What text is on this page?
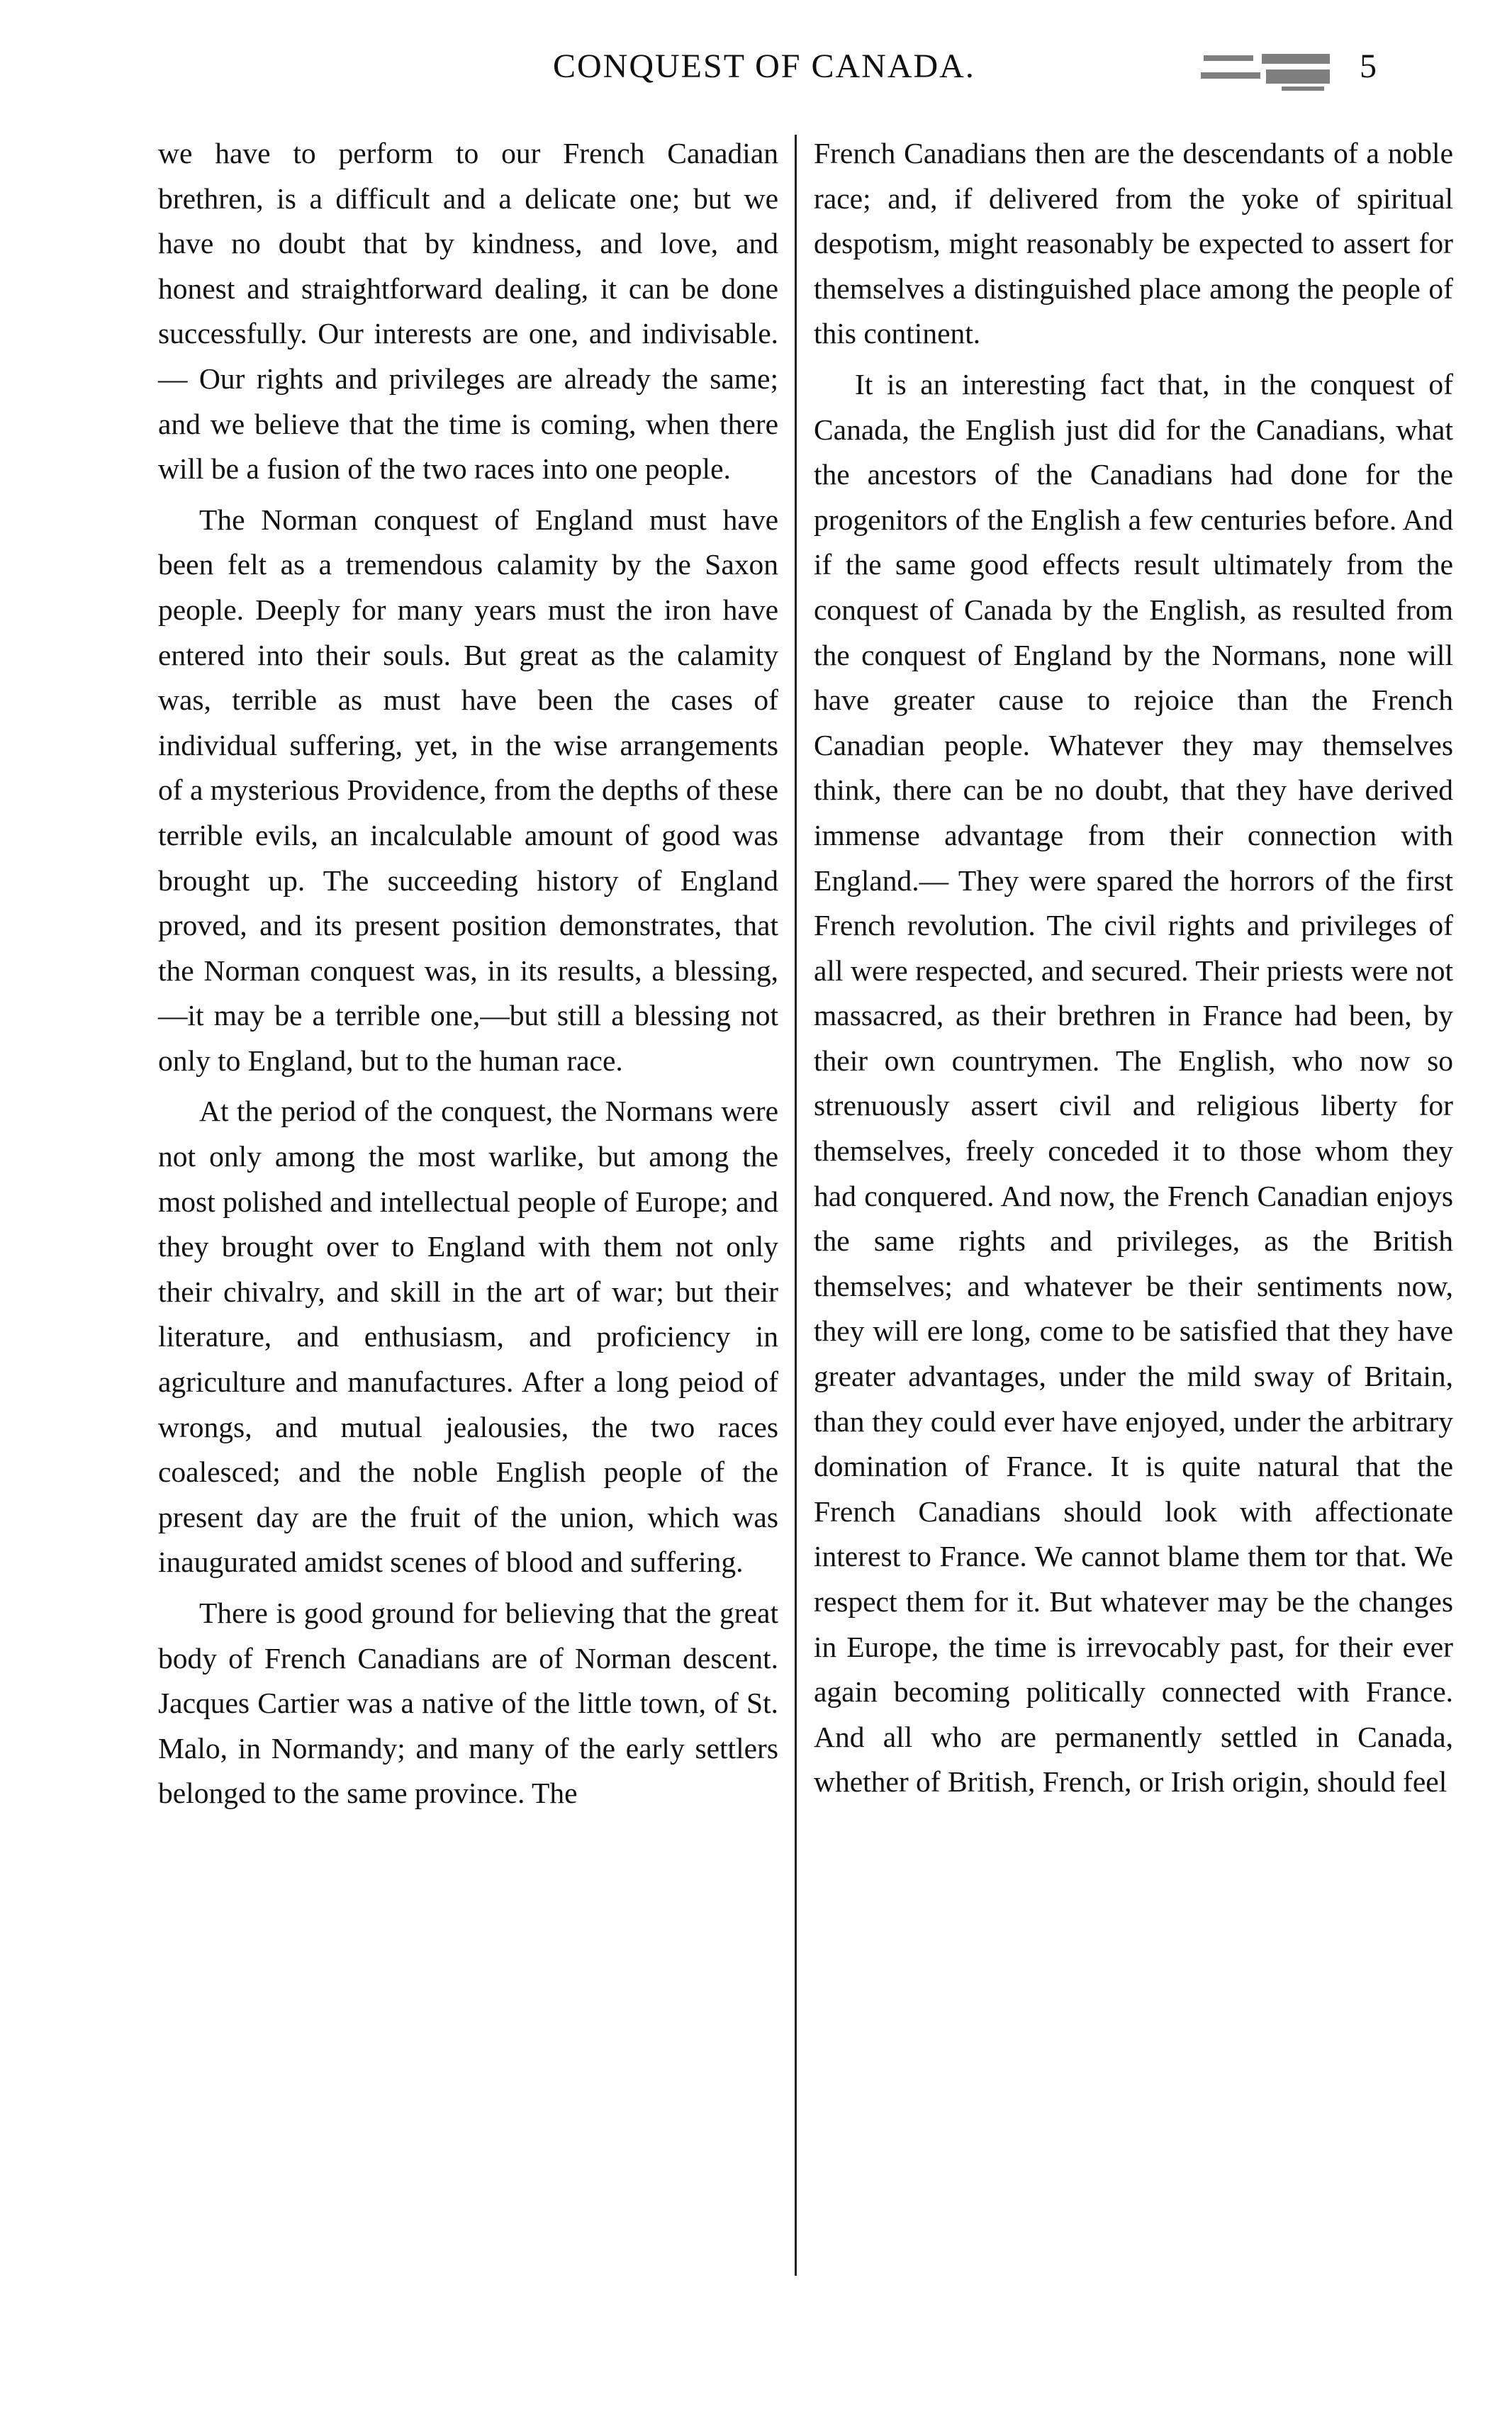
CONQUEST OF CANADA.	5

we have to perform to our French Canadian brethren, is a difficult and a delicate one; but we have no doubt that by kindness, and love, and honest and straightforward dealing, it can be done successfully. Our interests are one, and indivisable.— Our rights and privileges are already the same; and we believe that the time is coming, when there will be a fusion of the two races into one people.

The Norman conquest of England must have been felt as a tremendous calamity by the Saxon people. Deeply for many years must the iron have entered into their souls. But great as the calamity was, terrible as must have been the cases of individual suffering, yet, in the wise arrangements of a mysterious Providence, from the depths of these terrible evils, an incalculable amount of good was brought up. The succeeding history of England proved, and its present position demonstrates, that the Norman conquest was, in its results, a blessing,—it may be a terrible one,—but still a blessing not only to England, but to the human race.

At the period of the conquest, the Normans were not only among the most warlike, but among the most polished and intellectual people of Europe; and they brought over to England with them not only their chivalry, and skill in the art of war; but their literature, and enthusiasm, and proficiency in agriculture and manufactures. After a long peiod of wrongs, and mutual jealousies, the two races coalesced; and the noble English people of the present day are the fruit of the union, which was inaugurated amidst scenes of blood and suffering.

There is good ground for believing that the great body of French Canadians are of Norman descent. Jacques Cartier was a native of the little town, of St. Malo, in Normandy; and many of the early settlers belonged to the same province. The

French Canadians then are the descendants of a noble race; and, if delivered from the yoke of spiritual despotism, might reasonably be expected to assert for themselves a distinguished place among the people of this continent.

It is an interesting fact that, in the conquest of Canada, the English just did for the Canadians, what the ancestors of the Canadians had done for the progenitors of the English a few centuries before. And if the same good effects result ultimately from the conquest of Canada by the English, as resulted from the conquest of England by the Normans, none will have greater cause to rejoice than the French Canadian people. Whatever they may themselves think, there can be no doubt, that they have derived immense advantage from their connection with England.— They were spared the horrors of the first French revolution. The civil rights and privileges of all were respected, and secured. Their priests were not massacred, as their brethren in France had been, by their own countrymen. The English, who now so strenuously assert civil and religious liberty for themselves, freely conceded it to those whom they had conquered. And now, the French Canadian enjoys the same rights and privileges, as the British themselves; and whatever be their sentiments now, they will ere long, come to be satisfied that they have greater advantages, under the mild sway of Britain, than they could ever have enjoyed, under the arbitrary domination of France. It is quite natural that the French Canadians should look with affectionate interest to France. We cannot blame them tor that. We respect them for it. But whatever may be the changes in Europe, the time is irrevocably past, for their ever again becoming politically connected with France. And all who are permanently settled in Canada, whether of British, French, or Irish origin, should feel
